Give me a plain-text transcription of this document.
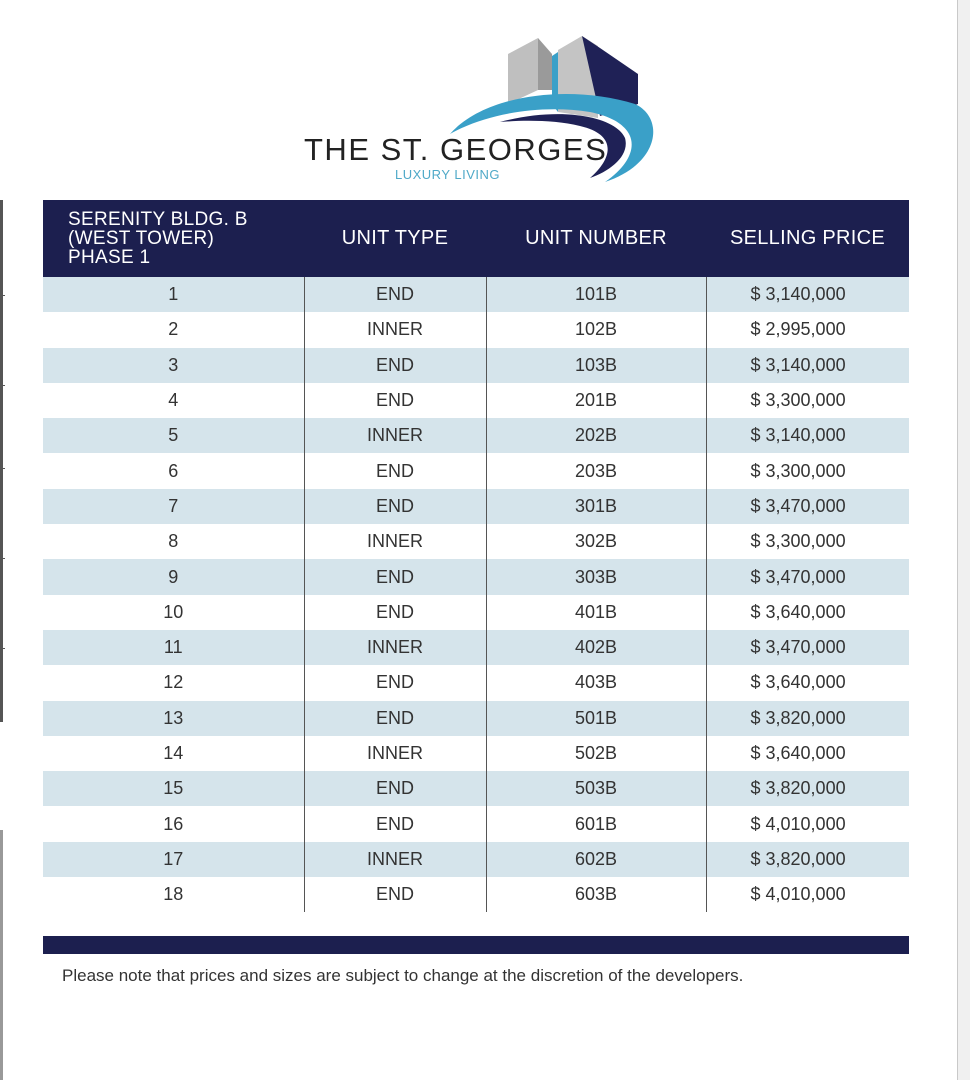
THE ST. GEORGES
LUXURY LIVING
SERENITY BLDG. B
(WEST TOWER)
PHASE 1	UNIT TYPE	UNIT NUMBER	SELLING PRICE
1	END	101B	$ 3,140,000
2	INNER	102B	$ 2,995,000
3	END	103B	$ 3,140,000
4	END	201B	$ 3,300,000
5	INNER	202B	$ 3,140,000
6	END	203B	$ 3,300,000
7	END	301B	$ 3,470,000
8	INNER	302B	$ 3,300,000
9	END	303B	$ 3,470,000
10	END	401B	$ 3,640,000
11	INNER	402B	$ 3,470,000
12	END	403B	$ 3,640,000
13	END	501B	$ 3,820,000
14	INNER	502B	$ 3,640,000
15	END	503B	$ 3,820,000
16	END	601B	$ 4,010,000
17	INNER	602B	$ 3,820,000
18	END	603B	$ 4,010,000
Please note that prices and sizes are subject to change at the discretion of the developers.
